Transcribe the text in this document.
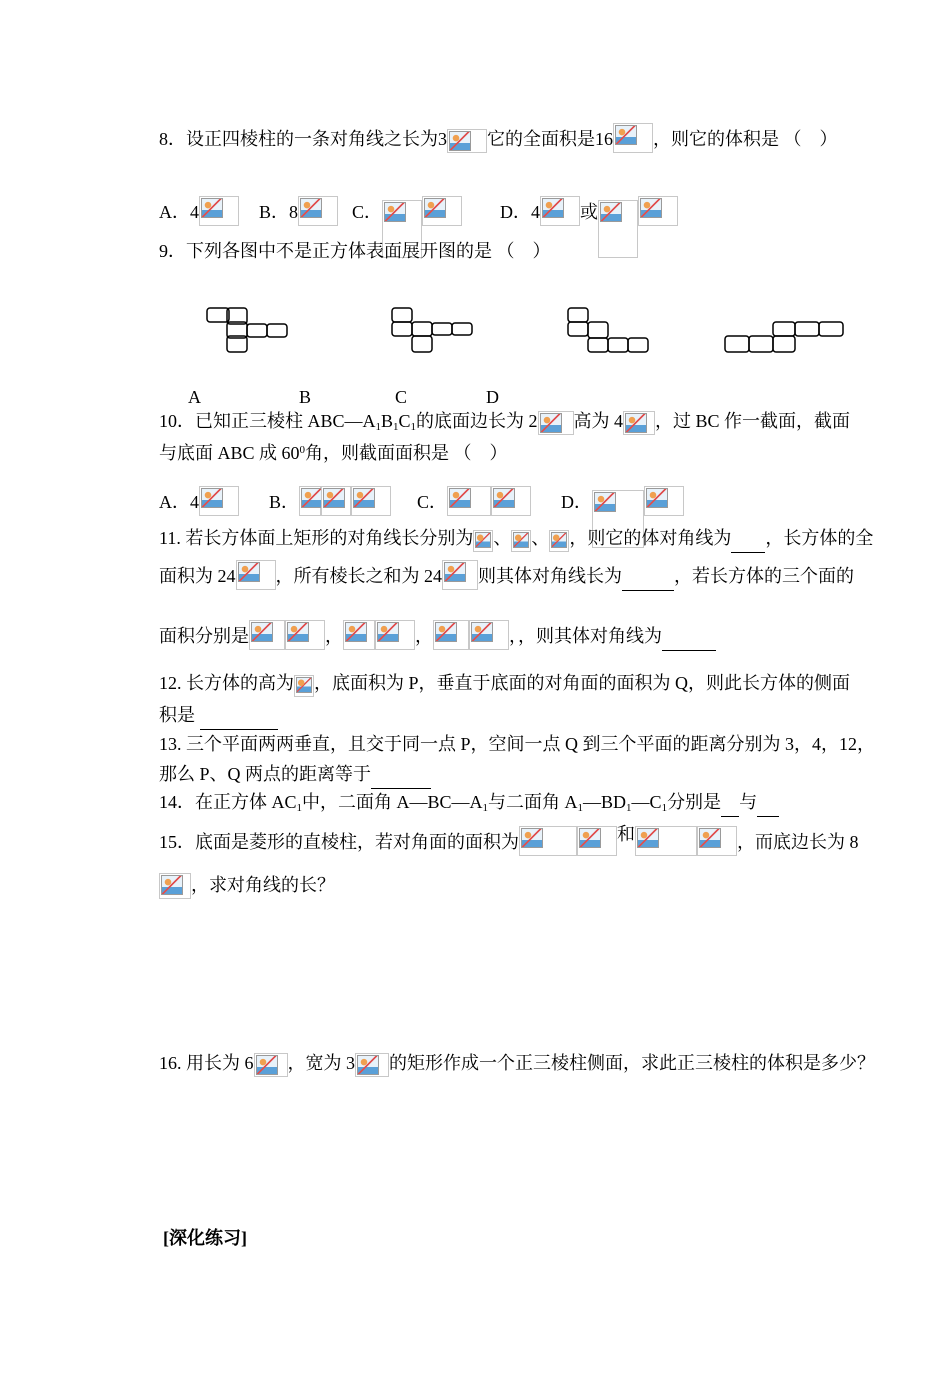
8．设正四棱柱的一条对角线之长为3 它的全面积是16 ，则它的体积是 （　）
A．4	B．8	C．	D．4 或
9．下列各图中不是正方体表面展开图的是 （　）
A	B	C	D
10．已知正三棱柱 $ABC—A_1B_1C_1$的底面边长为 2 高为 4 ，过 BC 作一截面，截面
与底面 ABC 成 $60^0$角，则截面面积是 （　）
A．4	B．	C．	D．
11. 若长方体面上矩形的对角线长分别为 、 、 ，则它的体对角线为 ，长方体的全
面积为 24 ，所有棱长之和为 24 则其体对角线长为	，若长方体的三个面的
面积分别是	，	，	，，则其体对角线为
12. 长方体的高为 ，底面积为 P，垂直于底面的对角面的面积为 Q，则此长方体的侧面
积是
13. 三个平面两两垂直，且交于同一点 P，空间一点 Q 到三个平面的距离分别为 3，4，12，
那么 P、Q 两点的距离等于
14．在正方体 $AC_1$中，二面角 $A—BC—A_1$与二面角 $A_1—BD_1—C_1$分别是 与
15．底面是菱形的直棱柱，若对角面的面积为	和	，而底边长为 8
，求对角线的长？
16. 用长为 6 ，宽为 3 的矩形作成一个正三棱柱侧面，求此正三棱柱的体积是多少？
[深化练习]
